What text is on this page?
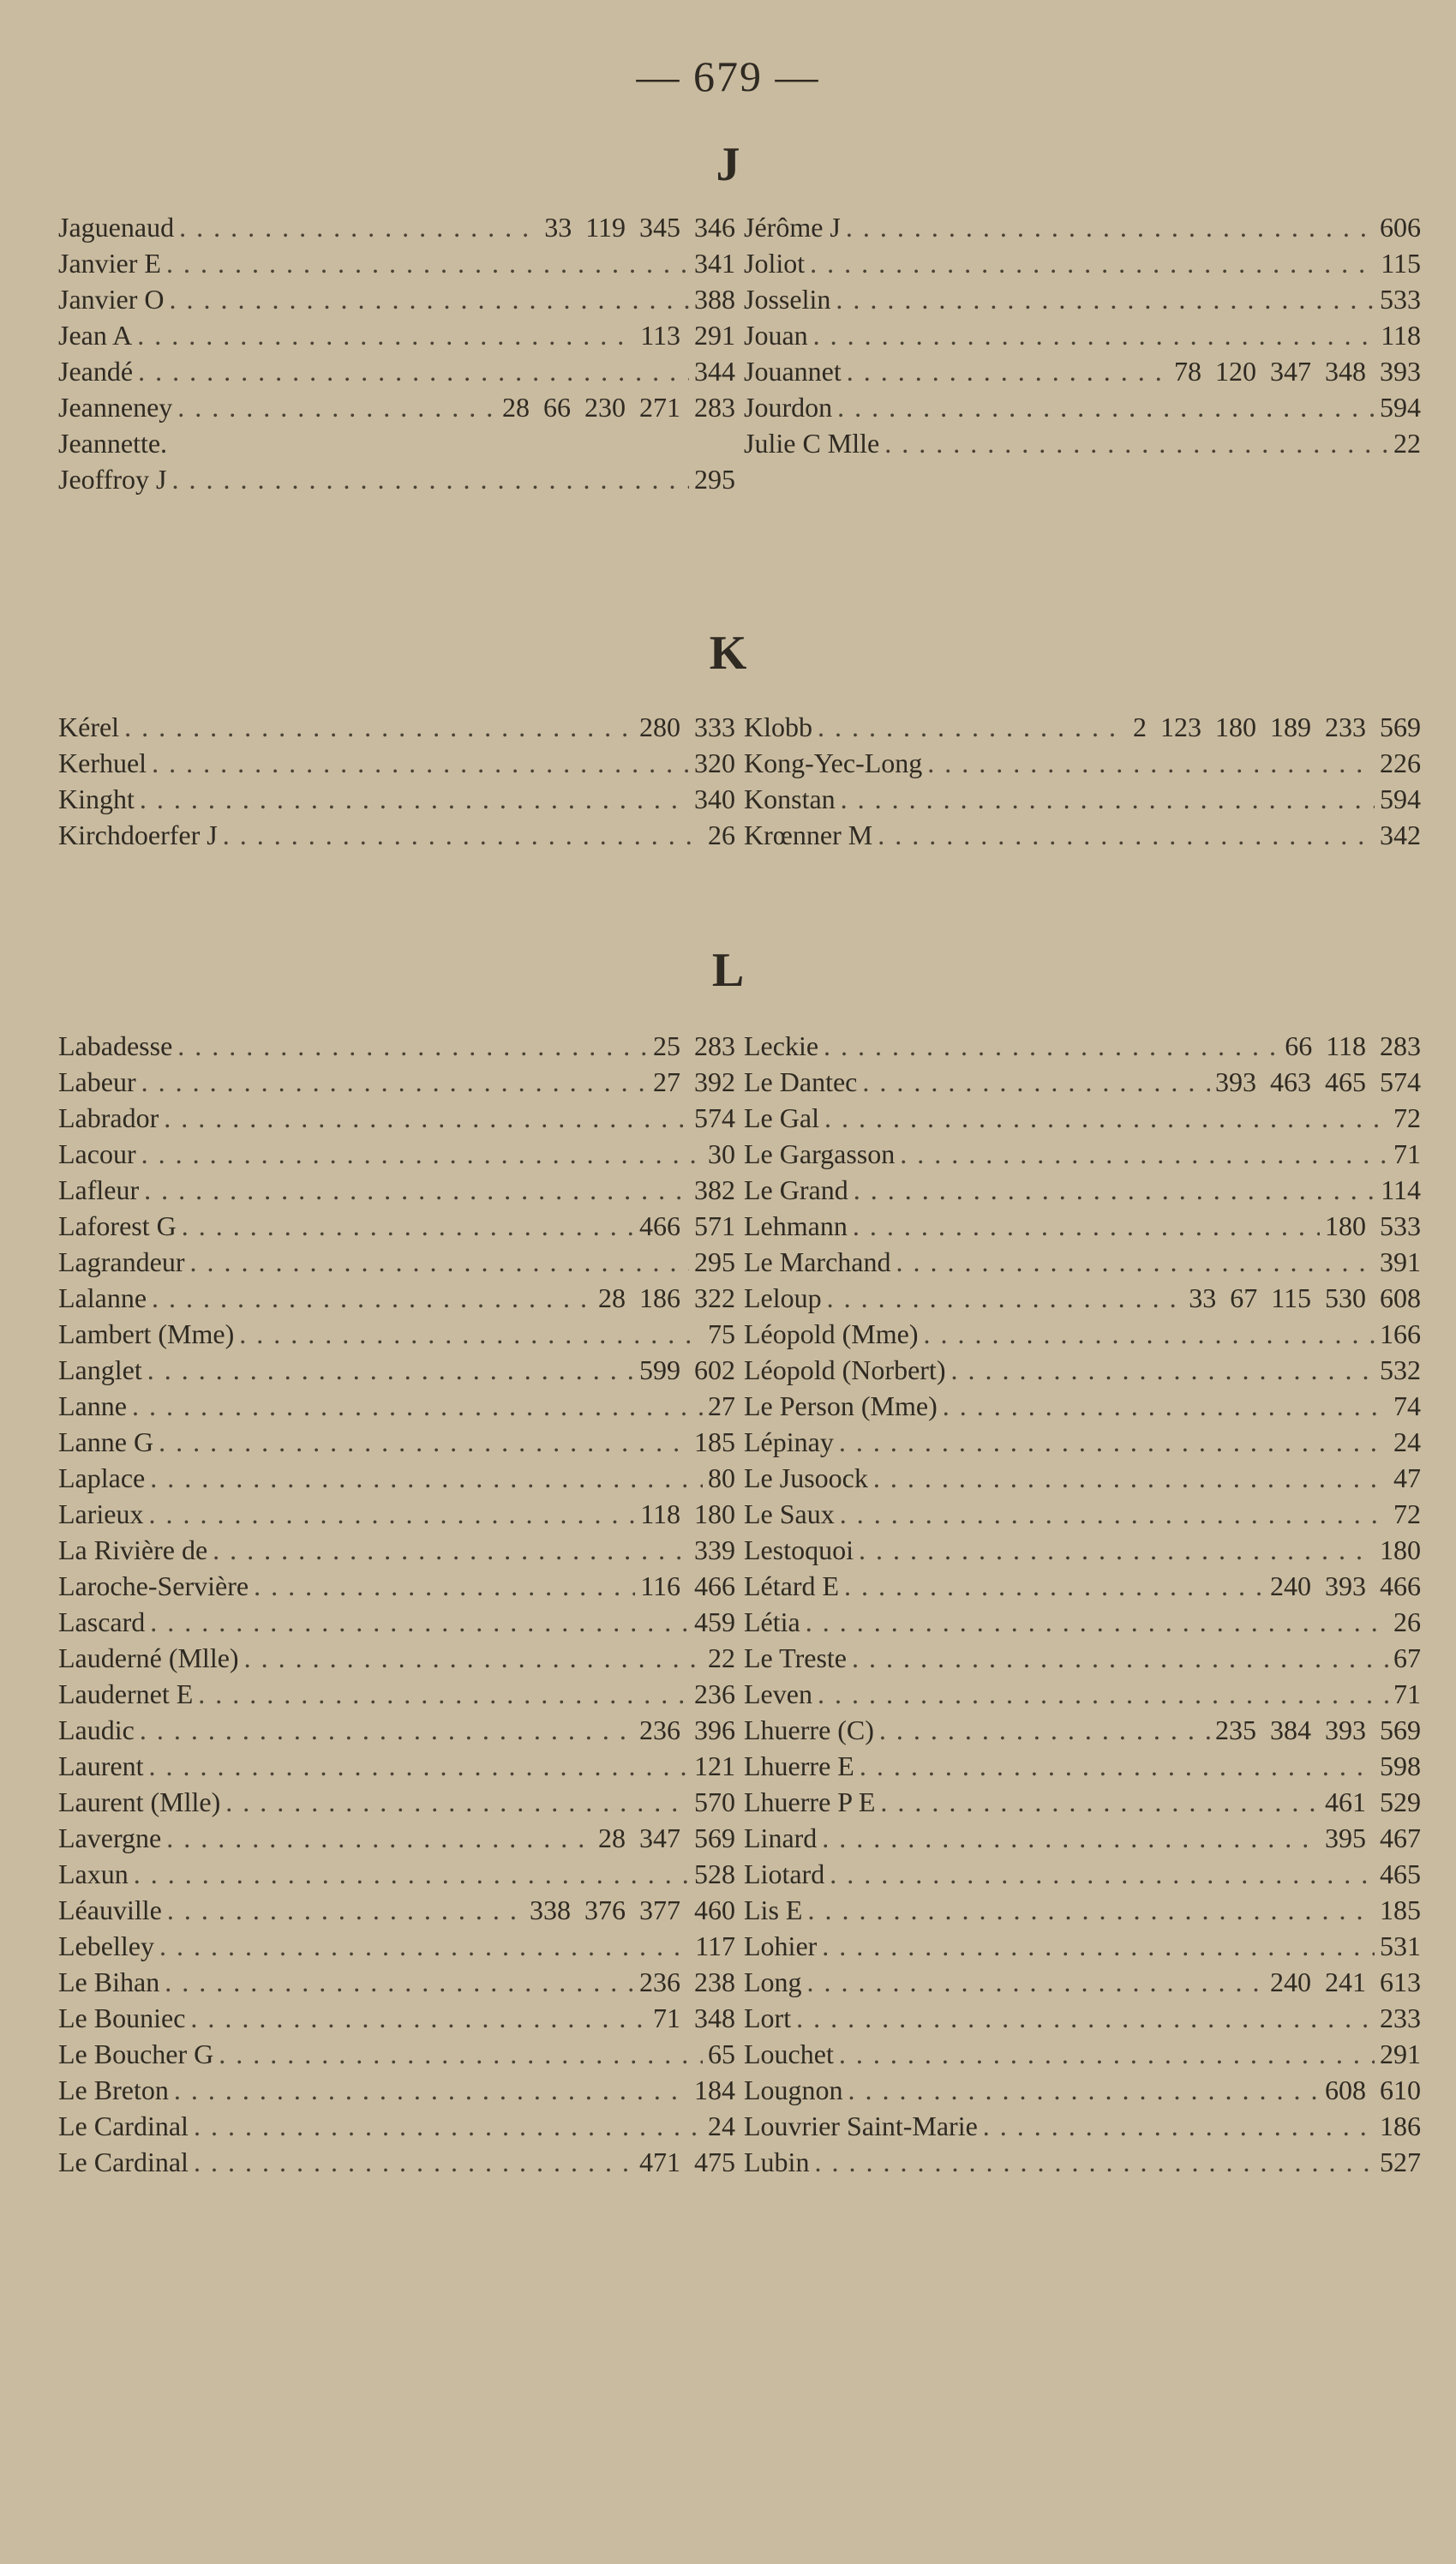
— 679 —
J
Jaguenaud . . .	33 119 345 346
Janvier E . . .	341
Janvier O . . .	388
Jean A . . .	113 291
Jeandé . . .	344
Jeanneney . . .	28 66 230 271 283
Jeannette.
Jeoffroy J . . .	295
Jérôme J . . .	606
Joliot . . .	115
Josselin . . .	533
Jouan . . .	118
Jouannet . . .	78 120 347 348 393
Jourdon . . .	594
Julie C Mlle . . .	22
K
Kérel . . .	280 333
Kerhuel . . .	320
Kinght . . .	340
Kirchdoerfer J . . .	26
Klobb . . .	2 123 180 189 233 569
Kong-Yec-Long . . .	226
Konstan . . .	594
Krœnner M . . .	342
L
Labadesse . . .	25 283
Labeur . . .	27 392
Labrador . . .	574
Lacour . . .	30
Lafleur . . .	382
Laforest G . . .	466 571
Lagrandeur . . .	295
Lalanne . . .	28 186 322
Lambert (Mme) . . .	75
Langlet . . .	599 602
Lanne . . .	27
Lanne G . . .	185
Laplace . . .	80
Larieux . . .	118 180
La Rivière de . . .	339
Laroche-Servière . . .	116 466
Lascard . . .	459
Lauderné (Mlle) . . .	22
Laudernet E . . .	236
Laudic . . .	236 396
Laurent . . .	121
Laurent (Mlle) . . .	570
Lavergne . . .	28 347 569
Laxun . . .	528
Léauville . . .	338 376 377 460
Lebelley . . .	117
Le Bihan . . .	236 238
Le Bouniec . . .	71 348
Le Boucher G . . .	65
Le Breton . . .	184
Le Cardinal . . .	24
Le Cardinal . . .	471 475
Leckie . . .	66 118 283
Le Dantec . . .	393 463 465 574
Le Gal . . .	72
Le Gargasson . . .	71
Le Grand . . .	114
Lehmann . . .	180 533
Le Marchand . . .	391
Leloup . . .	33 67 115 530 608
Léopold (Mme) . . .	166
Léopold (Norbert) . . .	532
Le Person (Mme) . . .	74
Lépinay . . .	24
Le Jusoock . . .	47
Le Saux . . .	72
Lestoquoi . . .	180
Létard E . . .	240 393 466
Létia . . .	26
Le Treste . . .	67
Leven . . .	71
Lhuerre (C) . . .	235 384 393 569
Lhuerre E . . .	598
Lhuerre P E . . .	461 529
Linard . . .	395 467
Liotard . . .	465
Lis E . . .	185
Lohier . . .	531
Long . . .	240 241 613
Lort . . .	233
Louchet . . .	291
Lougnon . . .	608 610
Louvrier Saint-Marie . . .	186
Lubin . . .	527
